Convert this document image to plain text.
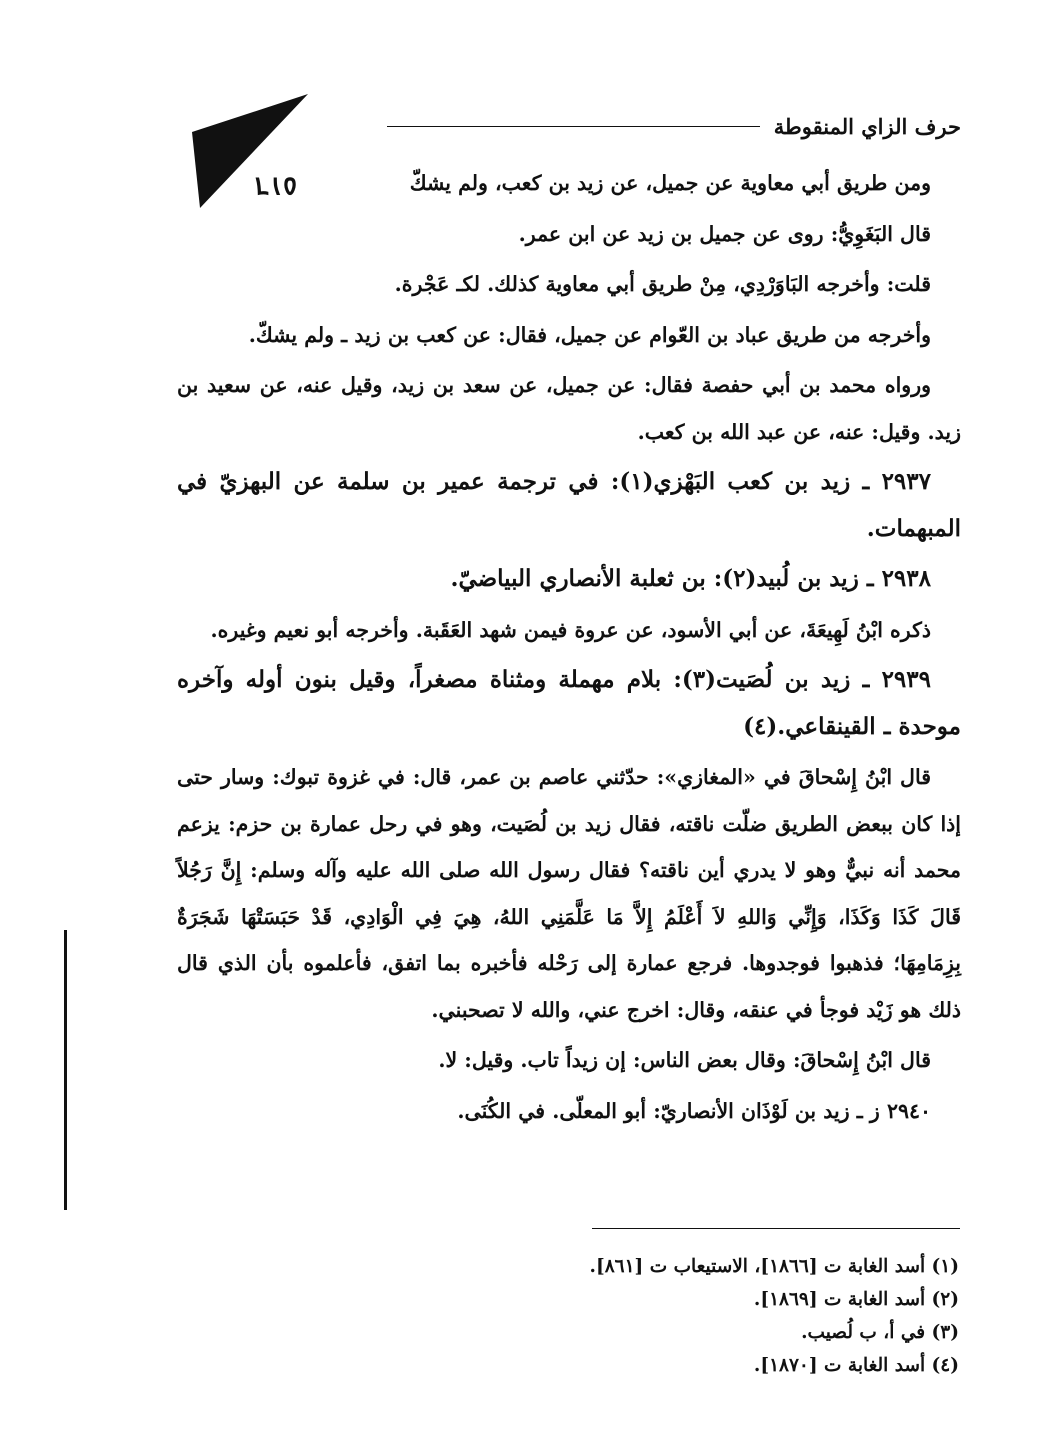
٥١٦
حرف الزاي المنقوطة

ومن طريق أبي معاوية عن جميل، عن زيد بن كعب، ولم يشكّ

قال البَغَوِيُّ: روى عن جميل بن زيد عن ابن عمر.

قلت: وأخرجه البَاوَرْدِي، مِنْ طريق أبي معاوية كذلك. لكـ عَجْرة.

وأخرجه من طريق عباد بن العّوام عن جميل، فقال: عن كعب بن زيد ـ ولم يشكّ.

ورواه محمد بن أبي حفصة فقال: عن جميل، عن سعد بن زيد، وقيل عنه، عن سعيد بن زيد. وقيل: عنه، عن عبد الله بن كعب.

٢٩٣٧ ـ زيد بن كعب البَهْزي(١): في ترجمة عمير بن سلمة عن البهزيّ في المبهمات.

٢٩٣٨ ـ زيد بن لُبيد(٢): بن ثعلبة الأنصاري البياضيّ.

ذكره ابْنُ لَهِيعَةَ، عن أبي الأسود، عن عروة فيمن شهد العَقَبة. وأخرجه أبو نعيم وغيره.

٢٩٣٩ ـ زيد بن لُصَيت(٣): بلام مهملة ومثناة مصغراً، وقيل بنون أوله وآخره موحدة ـ القينقاعي.(٤)

قال ابْنُ إِسْحاقَ في «المغازي»: حدّثني عاصم بن عمر، قال: في غزوة تبوك: وسار حتى إذا كان ببعض الطريق ضلّت ناقته، فقال زيد بن لُصَيت، وهو في رحل عمارة بن حزم: يزعم محمد أنه نبيٌّ وهو لا يدري أين ناقته؟ فقال رسول الله صلى الله عليه وآله وسلم: إِنَّ رَجُلاً قَالَ كَذَا وَكَذَا، وَإِنِّي وَاللهِ لاَ أَعْلَمُ إِلاَّ مَا عَلَّمَنِي اللهُ، هِيَ فِي الْوَادِي، قَدْ حَبَسَتْهَا شَجَرَةٌ بِزِمَامِهَا؛ فذهبوا فوجدوها. فرجع عمارة إلى رَحْله فأخبره بما اتفق، فأعلموه بأن الذي قال ذلك هو زَيْد فوجأ في عنقه، وقال: اخرج عني، والله لا تصحبني.

قال ابْنُ إِسْحاقَ: وقال بعض الناس: إن زيداً تاب. وقيل: لا.

٢٩٤٠ ز ـ زيد بن لَوْذَان الأنصاريّ: أبو المعلّى. في الكُنَى.

(١) أسد الغابة ت [١٨٦٦]، الاستيعاب ت [٨٦١].
(٢) أسد الغابة ت [١٨٦٩].
(٣) في أ، ب لُصيب.
(٤) أسد الغابة ت [١٨٧٠].
